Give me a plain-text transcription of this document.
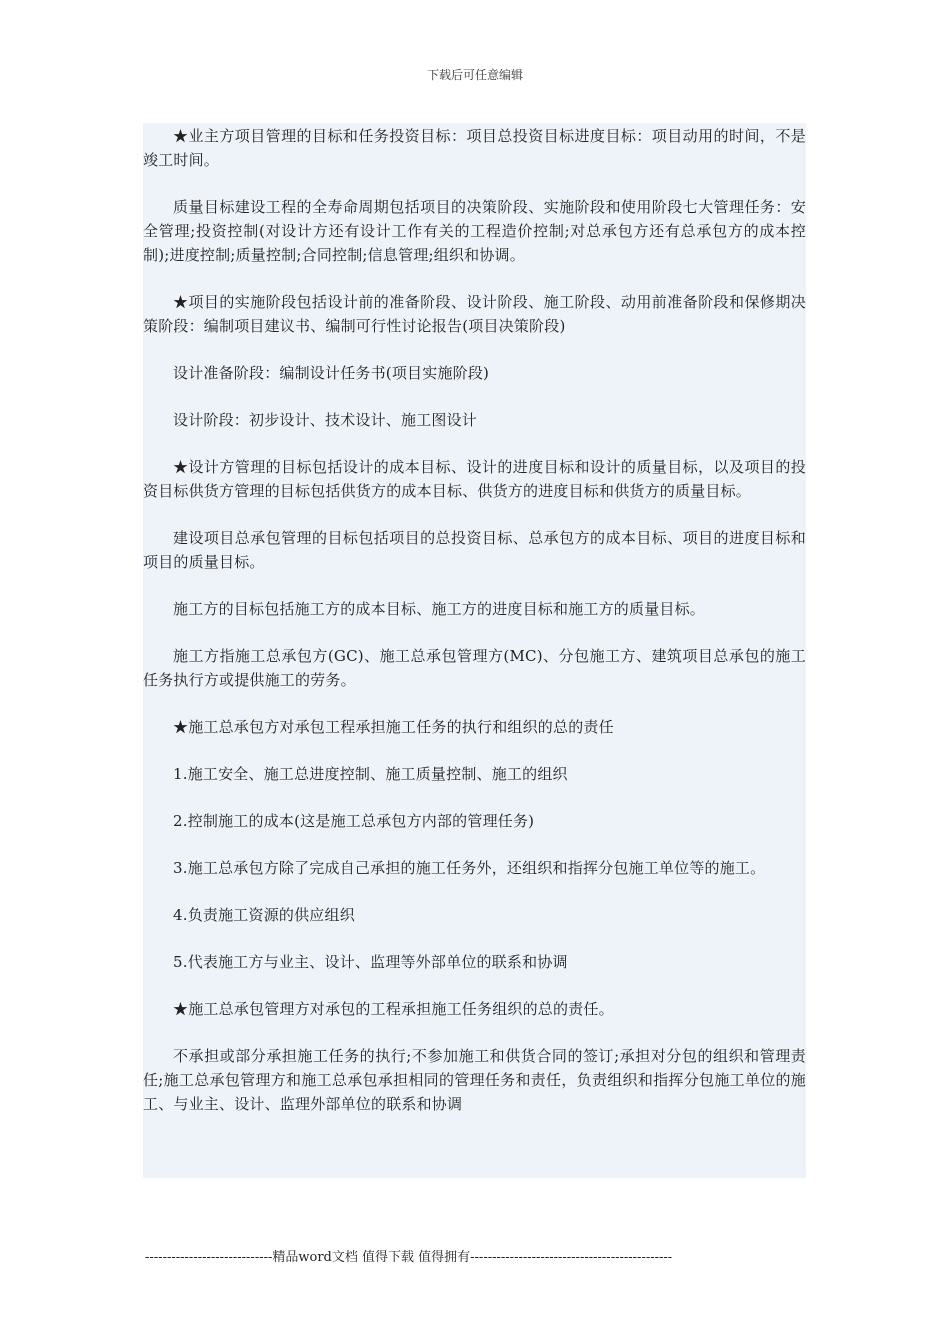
下载后可任意编辑

★业主方项目管理的目标和任务投资目标：项目总投资目标进度目标：项目动用的时间，不是竣工时间。

质量目标建设工程的全寿命周期包括项目的决策阶段、实施阶段和使用阶段七大管理任务：安全管理;投资控制(对设计方还有设计工作有关的工程造价控制;对总承包方还有总承包方的成本控制);进度控制;质量控制;合同控制;信息管理;组织和协调。

★项目的实施阶段包括设计前的准备阶段、设计阶段、施工阶段、动用前准备阶段和保修期决策阶段：编制项目建议书、编制可行性讨论报告(项目决策阶段)

设计准备阶段：编制设计任务书(项目实施阶段)

设计阶段：初步设计、技术设计、施工图设计

★设计方管理的目标包括设计的成本目标、设计的进度目标和设计的质量目标，以及项目的投资目标供货方管理的目标包括供货方的成本目标、供货方的进度目标和供货方的质量目标。

建设项目总承包管理的目标包括项目的总投资目标、总承包方的成本目标、项目的进度目标和项目的质量目标。

施工方的目标包括施工方的成本目标、施工方的进度目标和施工方的质量目标。

施工方指施工总承包方(GC)、施工总承包管理方(MC)、分包施工方、建筑项目总承包的施工任务执行方或提供施工的劳务。

★施工总承包方对承包工程承担施工任务的执行和组织的总的责任

1.施工安全、施工总进度控制、施工质量控制、施工的组织

2.控制施工的成本(这是施工总承包方内部的管理任务)

3.施工总承包方除了完成自己承担的施工任务外，还组织和指挥分包施工单位等的施工。

4.负责施工资源的供应组织

5.代表施工方与业主、设计、监理等外部单位的联系和协调

★施工总承包管理方对承包的工程承担施工任务组织的总的责任。

不承担或部分承担施工任务的执行;不参加施工和供货合同的签订;承担对分包的组织和管理责任;施工总承包管理方和施工总承包承担相同的管理任务和责任，负责组织和指挥分包施工单位的施工、与业主、设计、监理外部单位的联系和协调

-----------------------------精品word文档 值得下载 值得拥有----------------------------------------------
